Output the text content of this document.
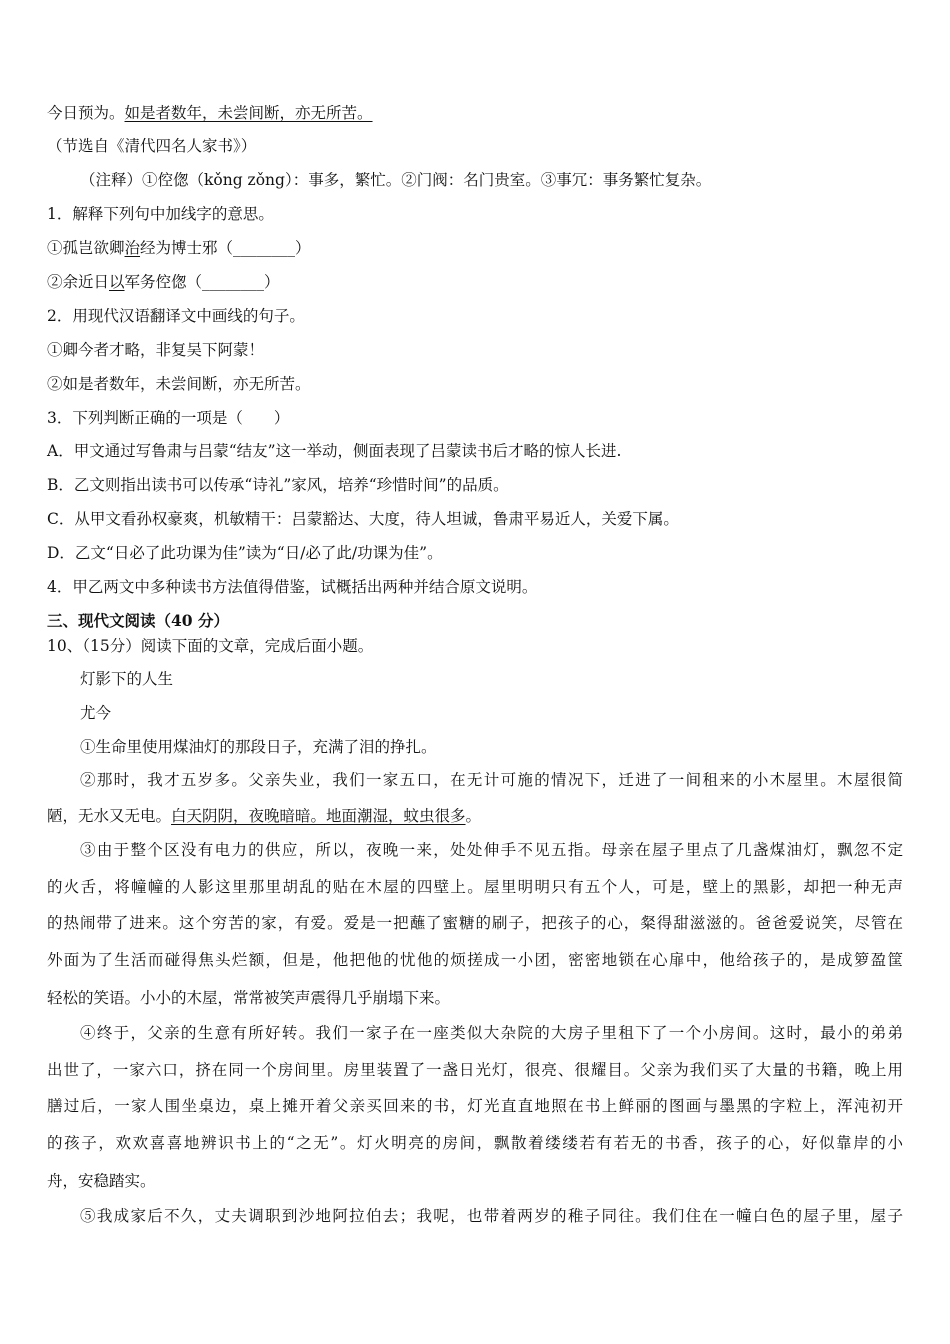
今日预为。如是者数年，未尝间断，亦无所苦。
（节选自《清代四名人家书》）
（注释）①倥偬（kǒng zǒng）：事多，繁忙。②门阀：名门贵室。③事冗：事务繁忙复杂。
1．解释下列句中加线字的意思。
①孤岂欲卿治经为博士邪（________）
②余近日以军务倥偬（________）
2．用现代汉语翻译文中画线的句子。
①卿今者才略，非复吴下阿蒙！
②如是者数年，未尝间断，亦无所苦。
3．下列判断正确的一项是（　　）
A．甲文通过写鲁肃与吕蒙“结友”这一举动，侧面表现了吕蒙读书后才略的惊人长进.
B．乙文则指出读书可以传承“诗礼”家风，培养“珍惜时间”的品质。
C．从甲文看孙权豪爽，机敏精干：吕蒙豁达、大度，待人坦诚，鲁肃平易近人，关爱下属。
D．乙文“日必了此功课为佳”读为“日/必了此/功课为佳”。
4．甲乙两文中多种读书方法值得借鉴，试概括出两种并结合原文说明。
三、现代文阅读（40 分）
10、（15分）阅读下面的文章，完成后面小题。
灯影下的人生
尤今
①生命里使用煤油灯的那段日子，充满了泪的挣扎。
②那时，我才五岁多。父亲失业，我们一家五口，在无计可施的情况下，迁进了一间租来的小木屋里。木屋很简
陋，无水又无电。白天阴阴，夜晚暗暗。地面潮湿，蚊虫很多。
③由于整个区没有电力的供应，所以，夜晚一来，处处伸手不见五指。母亲在屋子里点了几盏煤油灯，飘忽不定
的火舌，将幢幢的人影这里那里胡乱的贴在木屋的四壁上。屋里明明只有五个人，可是，壁上的黑影，却把一种无声
的热闹带了进来。这个穷苦的家，有爱。爱是一把蘸了蜜糖的刷子，把孩子的心，粲得甜滋滋的。爸爸爱说笑，尽管在
外面为了生活而碰得焦头烂额，但是，他把他的忧他的烦搓成一小团，密密地锁在心扉中，他给孩子的，是成箩盈筐
轻松的笑语。小小的木屋，常常被笑声震得几乎崩塌下来。
④终于，父亲的生意有所好转。我们一家子在一座类似大杂院的大房子里租下了一个小房间。这时，最小的弟弟
出世了，一家六口，挤在同一个房间里。房里装置了一盏日光灯，很亮、很耀目。父亲为我们买了大量的书籍，晚上用
膳过后，一家人围坐桌边，桌上摊开着父亲买回来的书，灯光直直地照在书上鲜丽的图画与墨黑的字粒上，浑沌初开
的孩子，欢欢喜喜地辨识书上的“之无”。灯火明亮的房间，飘散着缕缕若有若无的书香，孩子的心，好似靠岸的小
舟，安稳踏实。
⑤我成家后不久，丈夫调职到沙地阿拉伯去；我呢，也带着两岁的稚子同往。我们住在一幢白色的屋子里，屋子
